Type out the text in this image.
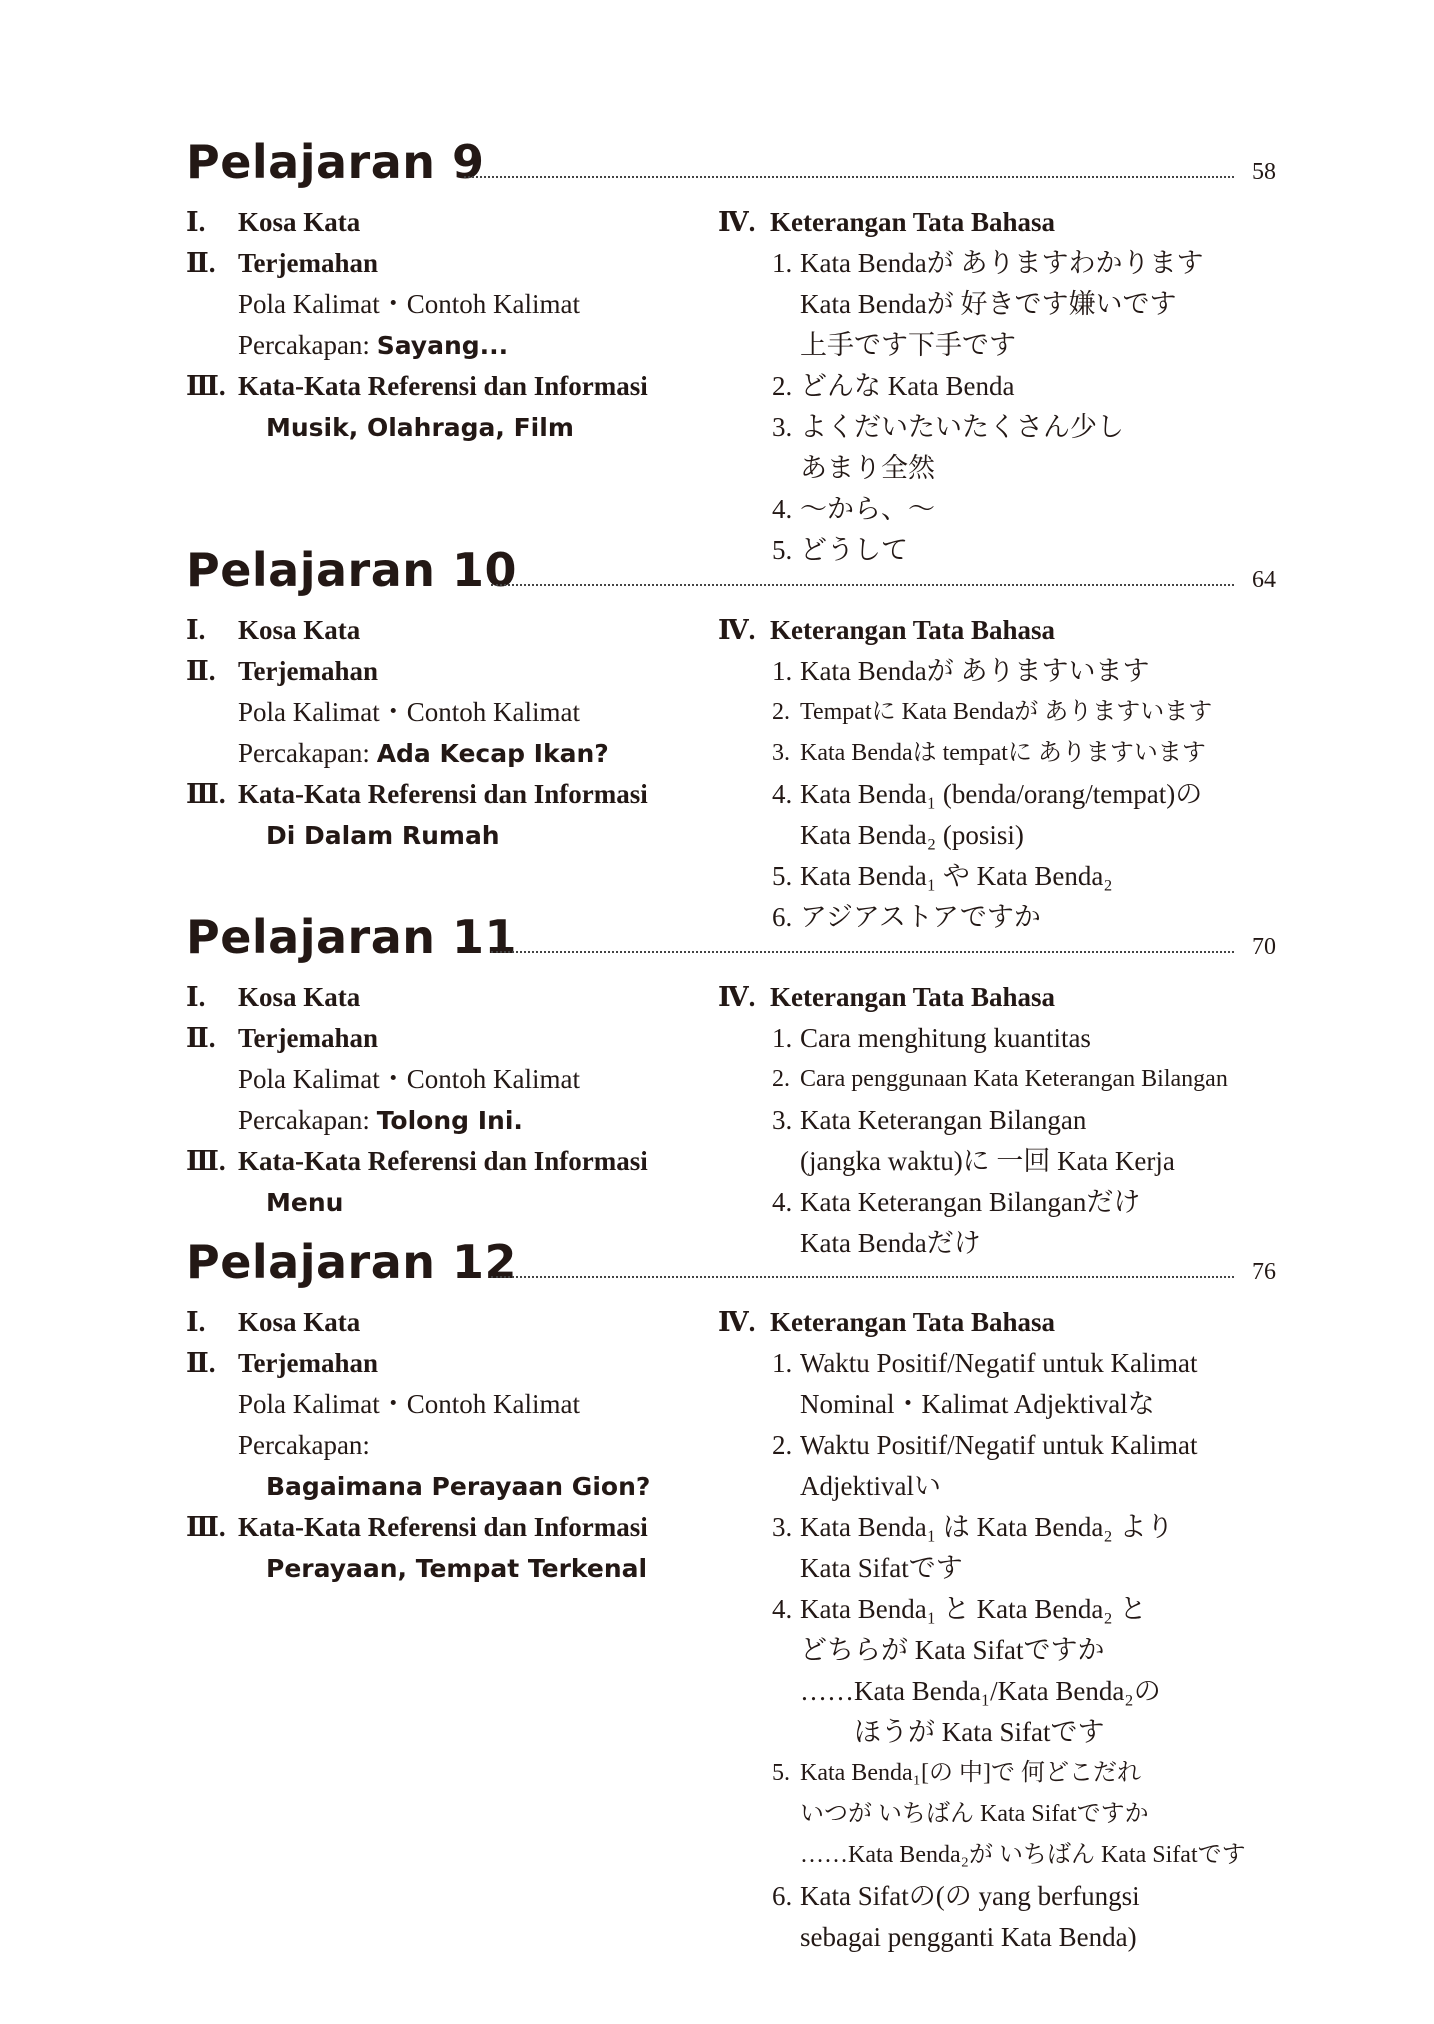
Pelajaran 9	58
Ⅰ. Kosa Kata
Ⅱ. Terjemahan
Pola Kalimat・Contoh Kalimat
Percakapan: Sayang...
Ⅲ. Kata-Kata Referensi dan Informasi
Musik, Olahraga, Film
Ⅳ. Keterangan Tata Bahasa
1. Kata Bendaが ありますわかります
Kata Bendaが 好きです嫌いです
上手です下手です
2. どんな Kata Benda
3. よくだいたいたくさん少し
あまり全然
4. ～から、～
5. どうして
Pelajaran 10	64
Ⅰ. Kosa Kata
Ⅱ. Terjemahan
Pola Kalimat・Contoh Kalimat
Percakapan: Ada Kecap Ikan?
Ⅲ. Kata-Kata Referensi dan Informasi
Di Dalam Rumah
Ⅳ. Keterangan Tata Bahasa
1. Kata Bendaが ありますいます
2. Tempatに Kata Bendaが ありますいます
3. Kata Bendaは tempatに ありますいます
4. Kata Benda₁ (benda/orang/tempat)の
Kata Benda₂ (posisi)
5. Kata Benda₁ や Kata Benda₂
6. アジアストアですか
Pelajaran 11	70
Ⅰ. Kosa Kata
Ⅱ. Terjemahan
Pola Kalimat・Contoh Kalimat
Percakapan: Tolong Ini.
Ⅲ. Kata-Kata Referensi dan Informasi
Menu
Ⅳ. Keterangan Tata Bahasa
1. Cara menghitung kuantitas
2. Cara penggunaan Kata Keterangan Bilangan
3. Kata Keterangan Bilangan
(jangka waktu)に 一回 Kata Kerja
4. Kata Keterangan Bilanganだけ
Kata Bendaだけ
Pelajaran 12	76
Ⅰ. Kosa Kata
Ⅱ. Terjemahan
Pola Kalimat・Contoh Kalimat
Percakapan:
Bagaimana Perayaan Gion?
Ⅲ. Kata-Kata Referensi dan Informasi
Perayaan, Tempat Terkenal
Ⅳ. Keterangan Tata Bahasa
1. Waktu Positif/Negatif untuk Kalimat
Nominal・Kalimat Adjektivalな
2. Waktu Positif/Negatif untuk Kalimat
Adjektivalい
3. Kata Benda₁ は Kata Benda₂ より
Kata Sifatです
4. Kata Benda₁ と Kata Benda₂ と
どちらが Kata Sifatですか
……Kata Benda₁/Kata Benda₂の
ほうが Kata Sifatです
5. Kata Benda₁[の 中]で 何どこだれ
いつが いちばん Kata Sifatですか
……Kata Benda₂が いちばん Kata Sifatです
6. Kata Sifatの(の yang berfungsi
sebagai pengganti Kata Benda)
